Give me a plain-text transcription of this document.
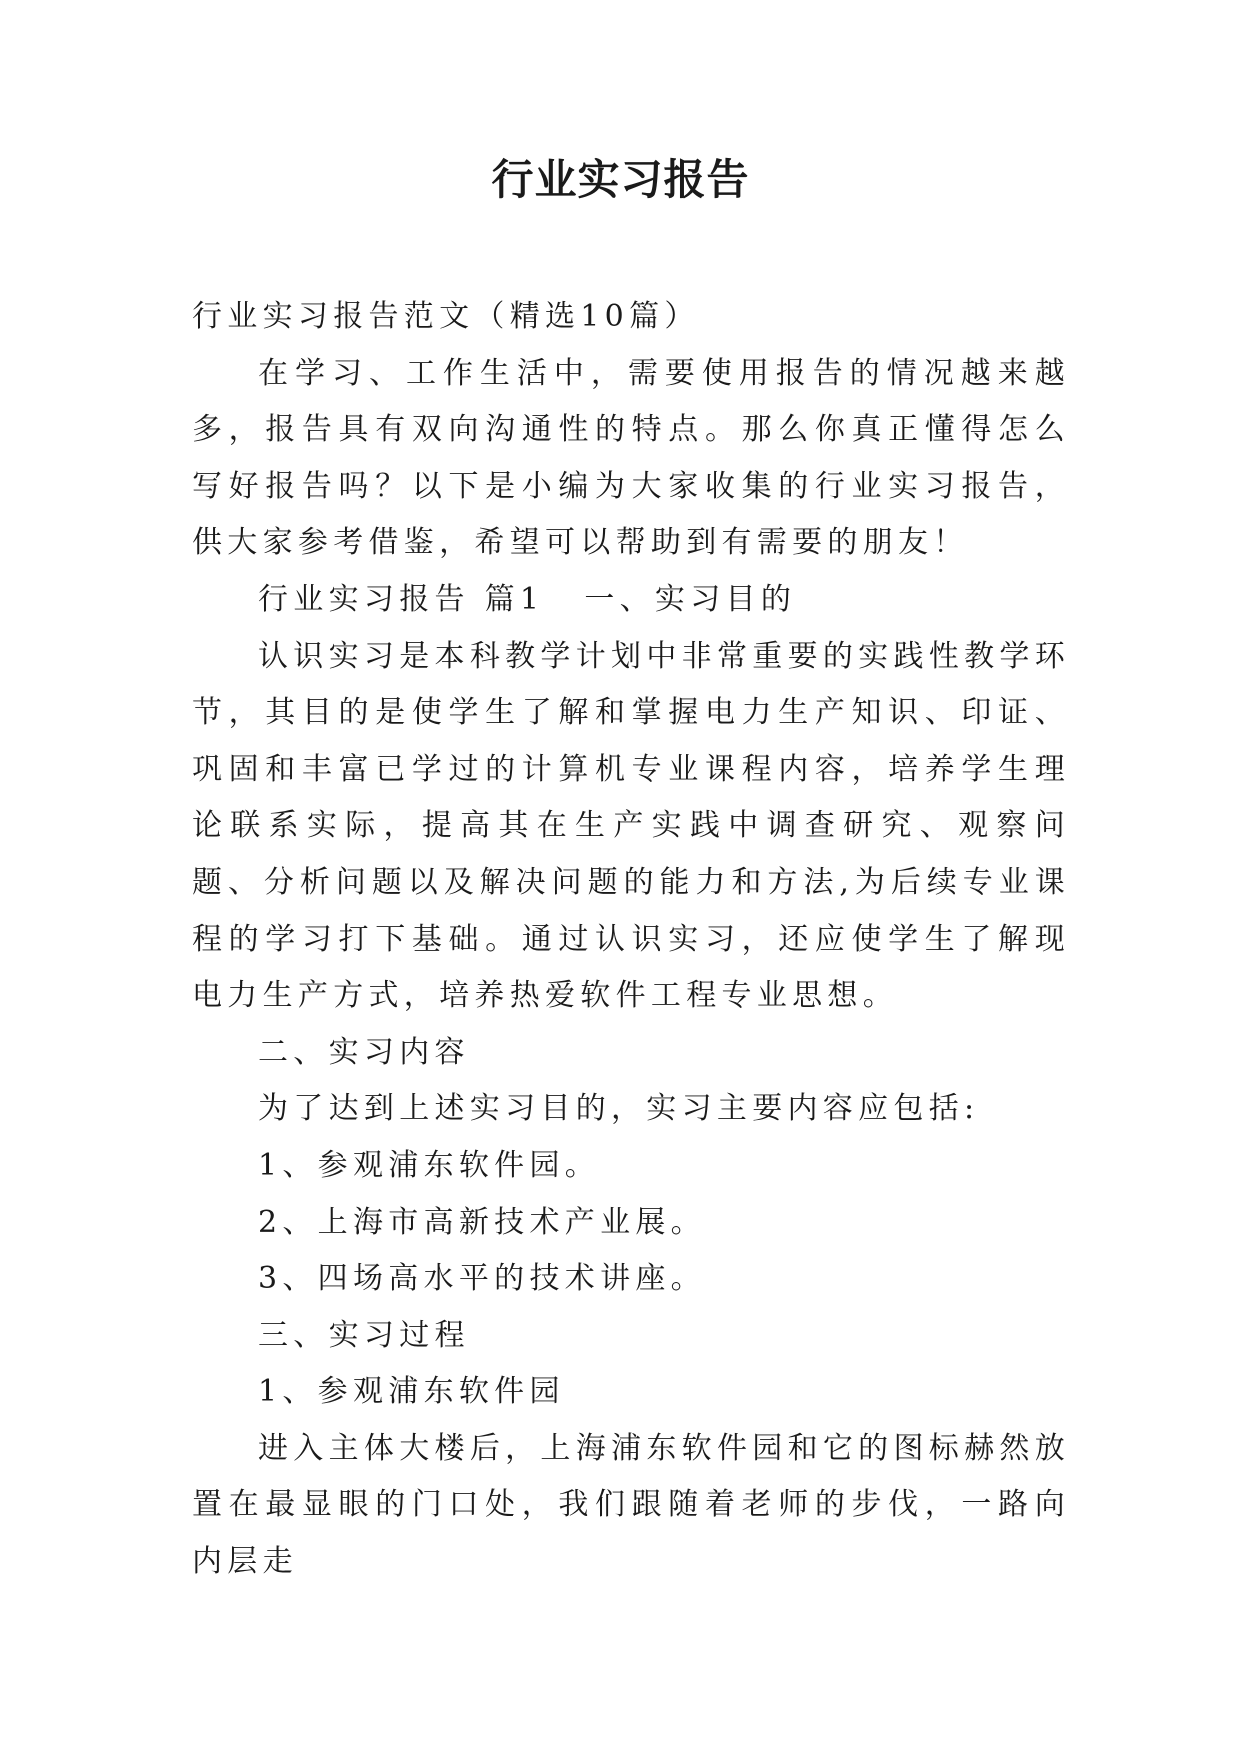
行业实习报告

行业实习报告范文（精选10篇）

在学习、工作生活中，需要使用报告的情况越来越多，报告具有双向沟通性的特点。那么你真正懂得怎么写好报告吗？以下是小编为大家收集的行业实习报告，供大家参考借鉴，希望可以帮助到有需要的朋友！

行业实习报告 篇1 一、实习目的

认识实习是本科教学计划中非常重要的实践性教学环节，其目的是使学生了解和掌握电力生产知识、印证、巩固和丰富已学过的计算机专业课程内容，培养学生理论联系实际，提高其在生产实践中调查研究、观察问题、分析问题以及解决问题的能力和方法,为后续专业课程的学习打下基础。通过认识实习，还应使学生了解现电力生产方式，培养热爱软件工程专业思想。

二、实习内容

为了达到上述实习目的，实习主要内容应包括:

1、参观浦东软件园。

2、上海市高新技术产业展。

3、四场高水平的技术讲座。

三、实习过程

1、参观浦东软件园

进入主体大楼后，上海浦东软件园和它的图标赫然放置在最显眼的门口处，我们跟随着老师的步伐，一路向内层走
